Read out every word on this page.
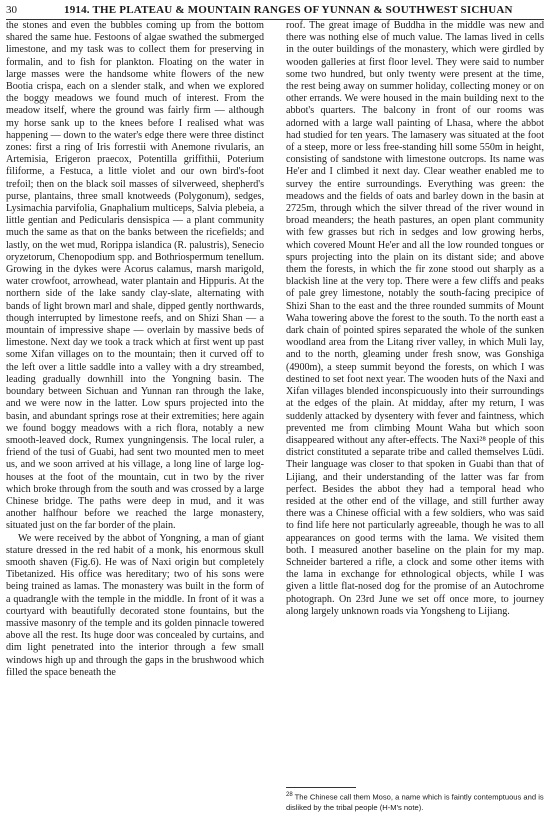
30	1914. THE PLATEAU & MOUNTAIN RANGES OF YUNNAN & SOUTHWEST SICHUAN

the stones and even the bubbles coming up from the bottom shared the same hue. Festoons of algae swathed the submerged limestone, and my task was to collect them for preserving in formalin, and to fish for plankton. Floating on the water in large masses were the handsome white flowers of the new Bootia crispa, each on a slender stalk, and when we explored the boggy meadows we found much of interest. From the meadow itself, where the ground was fairly firm — although my horse sank up to the knees before I realised what was happening — down to the water's edge there were three distinct zones: first a ring of Iris forrestii with Anemone rivularis, an Artemisia, Erigeron praecox, Potentilla griffithii, Poterium filiforme, a Festuca, a little violet and our own bird's-foot trefoil; then on the black soil masses of silverweed, shepherd's purse, plantains, three small knotweeds (Polygonum), sedges, Lysimachia parvifolia, Gnaphalium multiceps, Salvia plebeia, a little gentian and Pedicularis densispica — a plant community much the same as that on the banks between the ricefields; and lastly, on the wet mud, Rorippa islandica (R. palustris), Senecio oryzetorum, Chenopodium spp. and Bothriospermum tenellum. Growing in the dykes were Acorus calamus, marsh marigold, water crowfoot, arrowhead, water plantain and Hippuris. At the northern side of the lake sandy clay-slate, alternating with bands of light brown marl and shale, dipped gently northwards, though interrupted by limestone reefs, and on Shizi Shan — a mountain of impressive shape — overlain by massive beds of limestone. Next day we took a track which at first went up past some Xifan villages on to the mountain; then it curved off to the left over a little saddle into a valley with a dry streambed, leading gradually downhill into the Yongning basin. The boundary between Sichuan and Yunnan ran through the lake, and we were now in the latter. Low spurs projected into the basin, and abundant springs rose at their extremities; here again we found boggy meadows with a rich flora, notably a new smooth-leaved dock, Rumex yungningensis. The local ruler, a friend of the tusi of Guabi, had sent two mounted men to meet us, and we soon arrived at his village, a long line of large log-houses at the foot of the mountain, cut in two by the river which broke through from the south and was crossed by a large Chinese bridge. The paths were deep in mud, and it was another halfhour before we reached the large monastery, situated just on the far border of the plain.

We were received by the abbot of Yongning, a man of giant stature dressed in the red habit of a monk, his enormous skull smooth shaven (Fig.6). He was of Naxi origin but completely Tibetanized. His office was hereditary; two of his sons were being trained as lamas. The monastery was built in the form of a quadrangle with the temple in the middle. In front of it was a courtyard with beautifully decorated stone fountains, but the massive masonry of the temple and its golden pinnacle towered above all the rest. Its huge door was concealed by curtains, and dim light penetrated into the interior through a few small windows high up and through the gaps in the brushwood which filled the space beneath the

roof. The great image of Buddha in the middle was new and there was nothing else of much value. The lamas lived in cells in the outer buildings of the monastery, which were girdled by wooden galleries at first floor level. They were said to number some two hundred, but only twenty were present at the time, the rest being away on summer holiday, collecting money or on other errands. We were housed in the main building next to the abbot's quarters. The balcony in front of our rooms was adorned with a large wall painting of Lhasa, where the abbot had studied for ten years. The lamasery was situated at the foot of a steep, more or less free-standing hill some 550m in height, consisting of sandstone with limestone outcrops. Its name was He'er and I climbed it next day. Clear weather enabled me to survey the entire surroundings. Everything was green: the meadows and the fields of oats and barley down in the basin at 2725m, through which the silver thread of the river wound in broad meanders; the heath pastures, an open plant community with few grasses but rich in sedges and low growing herbs, which covered Mount He'er and all the low rounded tongues or spurs projecting into the plain on its distant side; and above them the forests, in which the fir zone stood out sharply as a blackish line at the very top. There were a few cliffs and peaks of pale grey limestone, notably the south-facing precipice of Shizi Shan to the east and the three rounded summits of Mount Waha towering above the forest to the south. To the north east a dark chain of pointed spires separated the whole of the sunken woodland area from the Litang river valley, in which Muli lay, and to the north, gleaming under fresh snow, was Gonshiga (4900m), a steep summit beyond the forests, on which I was destined to set foot next year. The wooden huts of the Naxi and Xifan villages blended inconspicuously into their surroundings at the edges of the plain. At midday, after my return, I was suddenly attacked by dysentery with fever and faintness, which prevented me from climbing Mount Waha but which soon disappeared without any after-effects. The Naxi²⁸ people of this district constituted a separate tribe and called themselves Lüdi. Their language was closer to that spoken in Guabi than that of Lijiang, and their understanding of the latter was far from perfect. Besides the abbot they had a temporal head who resided at the other end of the village, and still further away there was a Chinese official with a few soldiers, who was said to find life here not particularly agreeable, though he was to all appearances on good terms with the lama. We visited them both. I measured another baseline on the plain for my map. Schneider bartered a rifle, a clock and some other items with the lama in exchange for ethnological objects, while I was given a little flat-nosed dog for the promise of an Autochrome photograph. On 23rd June we set off once more, to journey along largely unknown roads via Yongsheng to Lijiang.

$^{28}$ The Chinese call them Moso, a name which is faintly contemptuous and is disliked by the tribal people (H-M's note).
